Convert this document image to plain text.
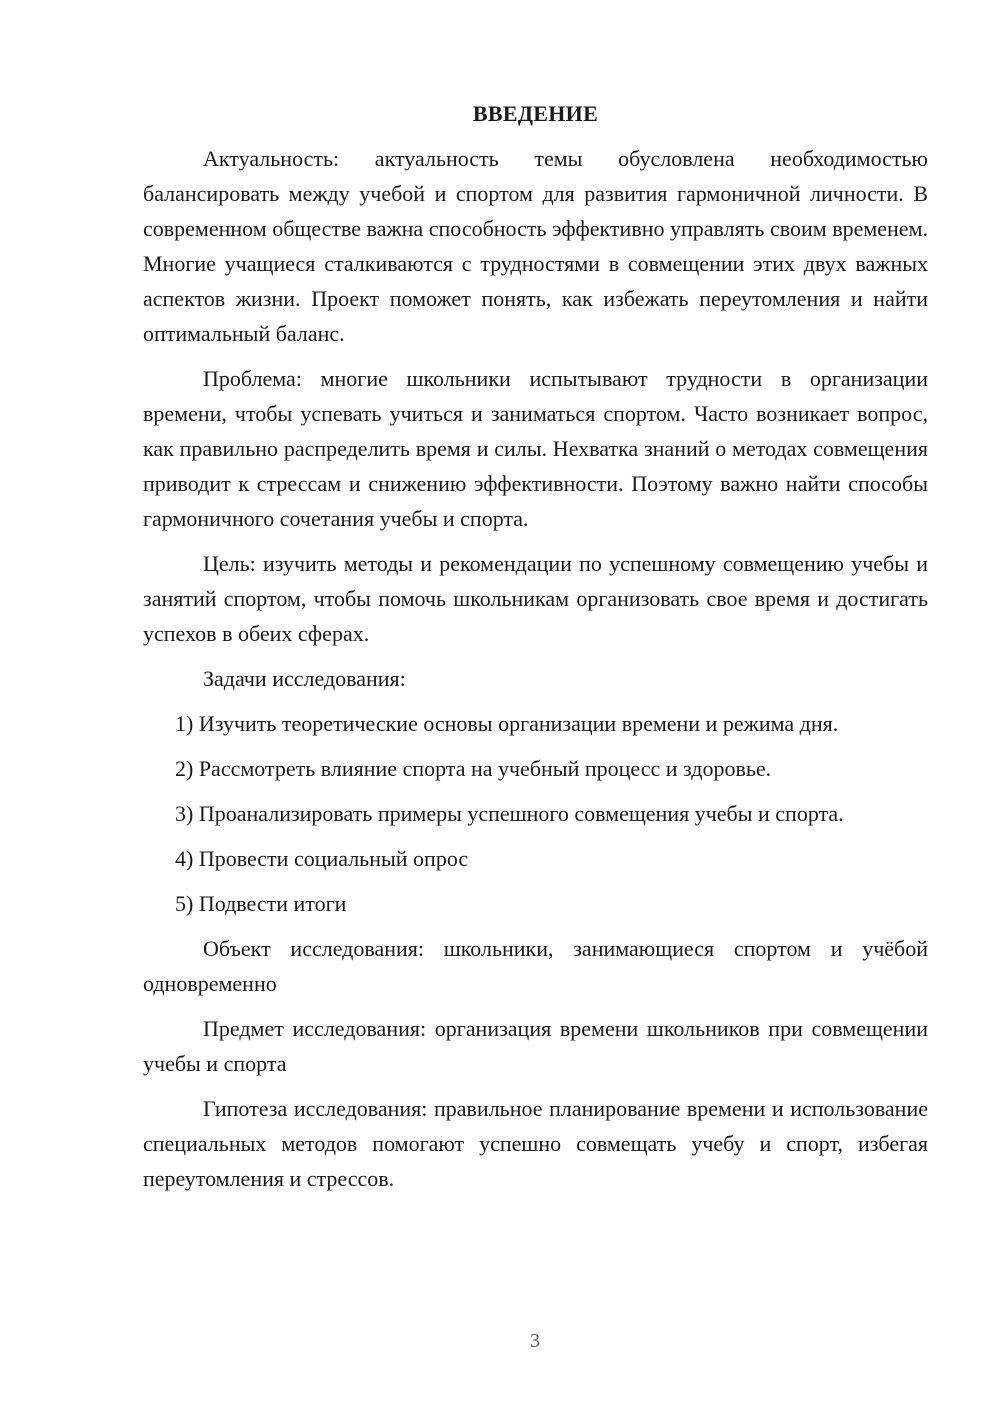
ВВЕДЕНИЕ
Актуальность: актуальность темы обусловлена необходимостью балансировать между учебой и спортом для развития гармоничной личности. В современном обществе важна способность эффективно управлять своим временем. Многие учащиеся сталкиваются с трудностями в совмещении этих двух важных аспектов жизни. Проект поможет понять, как избежать переутомления и найти оптимальный баланс.
Проблема: многие школьники испытывают трудности в организации времени, чтобы успевать учиться и заниматься спортом. Часто возникает вопрос, как правильно распределить время и силы. Нехватка знаний о методах совмещения приводит к стрессам и снижению эффективности. Поэтому важно найти способы гармоничного сочетания учебы и спорта.
Цель: изучить методы и рекомендации по успешному совмещению учебы и занятий спортом, чтобы помочь школьникам организовать свое время и достигать успехов в обеих сферах.
Задачи исследования:
1) Изучить теоретические основы организации времени и режима дня.
2) Рассмотреть влияние спорта на учебный процесс и здоровье.
3) Проанализировать примеры успешного совмещения учебы и спорта.
4) Провести социальный опрос
5) Подвести итоги
Объект исследования: школьники, занимающиеся спортом и учёбой одновременно
Предмет исследования: организация времени школьников при совмещении учебы и спорта
Гипотеза исследования: правильное планирование времени и использование специальных методов помогают успешно совмещать учебу и спорт, избегая переутомления и стрессов.
3
